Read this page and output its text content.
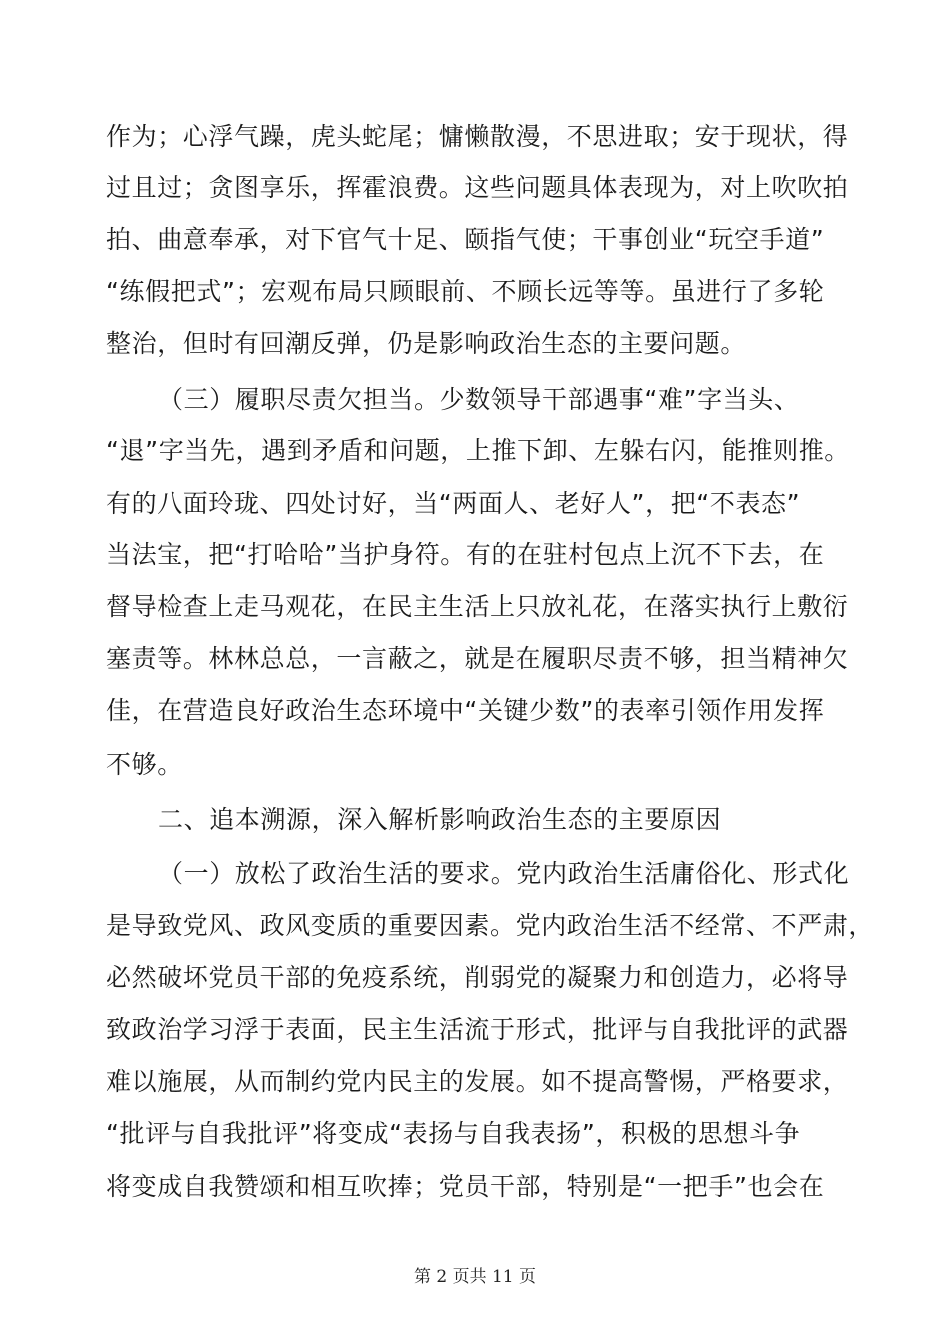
作为；心浮气躁，虎头蛇尾；慵懒散漫，不思进取；安于现状，得
过且过；贪图享乐，挥霍浪费。这些问题具体表现为，对上吹吹拍
拍、曲意奉承，对下官气十足、颐指气使；干事创业“玩空手道”
“练假把式”；宏观布局只顾眼前、不顾长远等等。虽进行了多轮
整治，但时有回潮反弹，仍是影响政治生态的主要问题。
（三）履职尽责欠担当。少数领导干部遇事“难”字当头、
“退”字当先，遇到矛盾和问题，上推下卸、左躲右闪，能推则推。
有的八面玲珑、四处讨好，当“两面人、老好人”，把“不表态”
当法宝，把“打哈哈”当护身符。有的在驻村包点上沉不下去，在
督导检查上走马观花，在民主生活上只放礼花，在落实执行上敷衍
塞责等。林林总总，一言蔽之，就是在履职尽责不够，担当精神欠
佳，在营造良好政治生态环境中“关键少数”的表率引领作用发挥
不够。
二、追本溯源，深入解析影响政治生态的主要原因
（一）放松了政治生活的要求。党内政治生活庸俗化、形式化
是导致党风、政风变质的重要因素。党内政治生活不经常、不严肃，
必然破坏党员干部的免疫系统，削弱党的凝聚力和创造力，必将导
致政治学习浮于表面，民主生活流于形式，批评与自我批评的武器
难以施展，从而制约党内民主的发展。如不提高警惕，严格要求，
“批评与自我批评”将变成“表扬与自我表扬”，积极的思想斗争
将变成自我赞颂和相互吹捧；党员干部，特别是“一把手”也会在
第 2 页共 11 页
